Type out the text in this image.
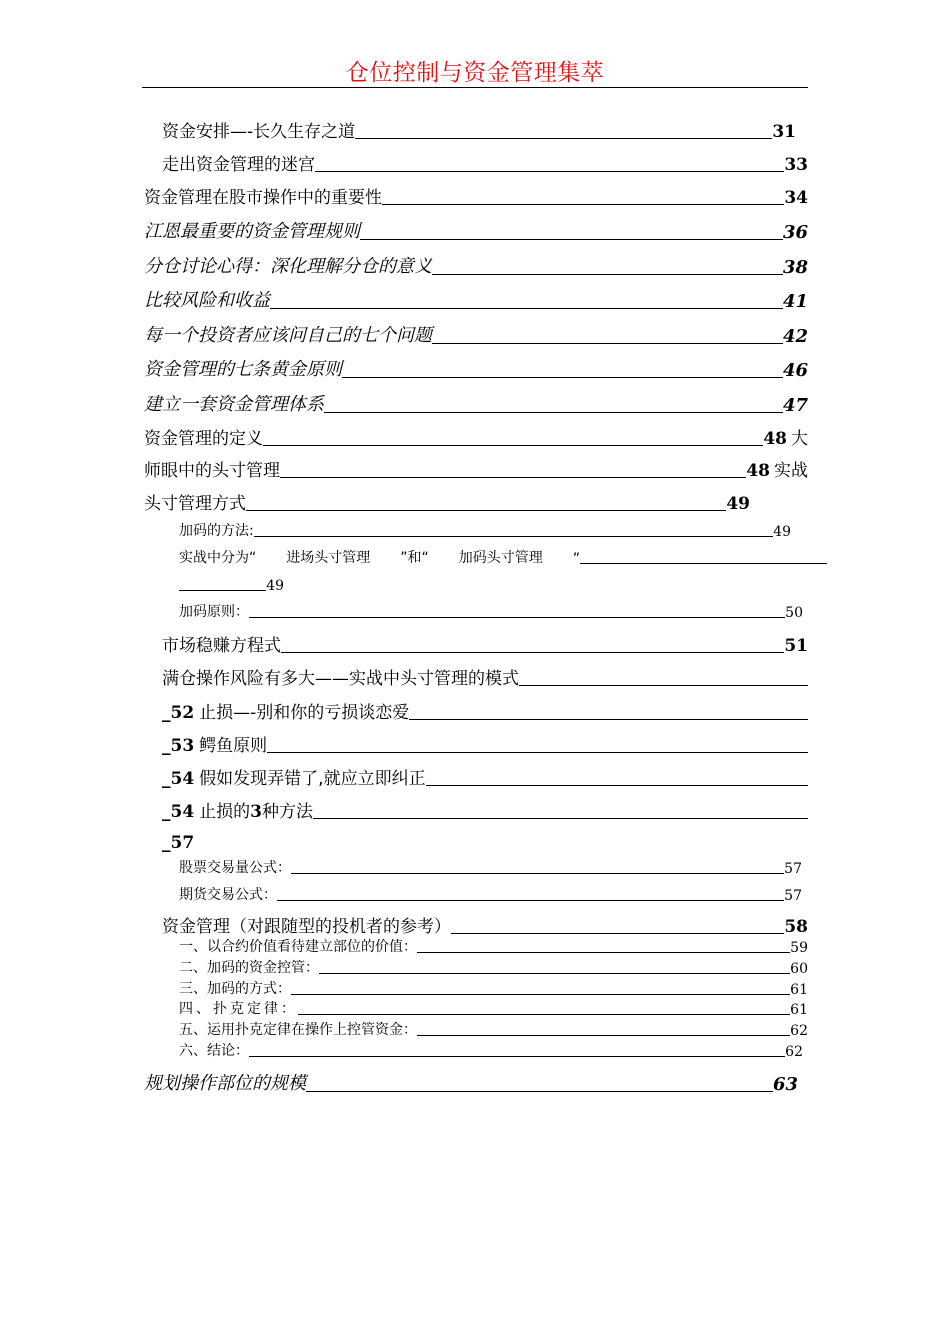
仓位控制与资金管理集萃
资金安排—-长久生存之道	31
走出资金管理的迷宫	33
资金管理在股市操作中的重要性	34
江恩最重要的资金管理规则	36
分仓讨论心得：深化理解分仓的意义	38
比较风险和收益	41
每一个投资者应该问自己的七个问题	42
资金管理的七条黄金原则	46
建立一套资金管理体系	47
资金管理的定义	48 大
师眼中的头寸管理	48 实战
头寸管理方式	49
加码的方法:	49
实战中分为“ 进场头寸管理 ”和“ 加码头寸管理 ”
49
加码原则：	50
市场稳赚方程式	51
满仓操作风险有多大——实战中头寸管理的模式
_52 止损—-别和你的亏损谈恋爱
_53 鳄鱼原则
_54 假如发现弄错了,就应立即纠正
_54 止损的 3 种方法
_57
股票交易量公式：	57
期货交易公式：	57
资金管理（对跟随型的投机者的参考）	58
一、以合约价值看待建立部位的价值：	59
二、加码的资金控管：	60
三、加码的方式：	61
四、扑克定律：	61
五、运用扑克定律在操作上控管资金：	62
六、结论：	62
规划操作部位的规模	63
